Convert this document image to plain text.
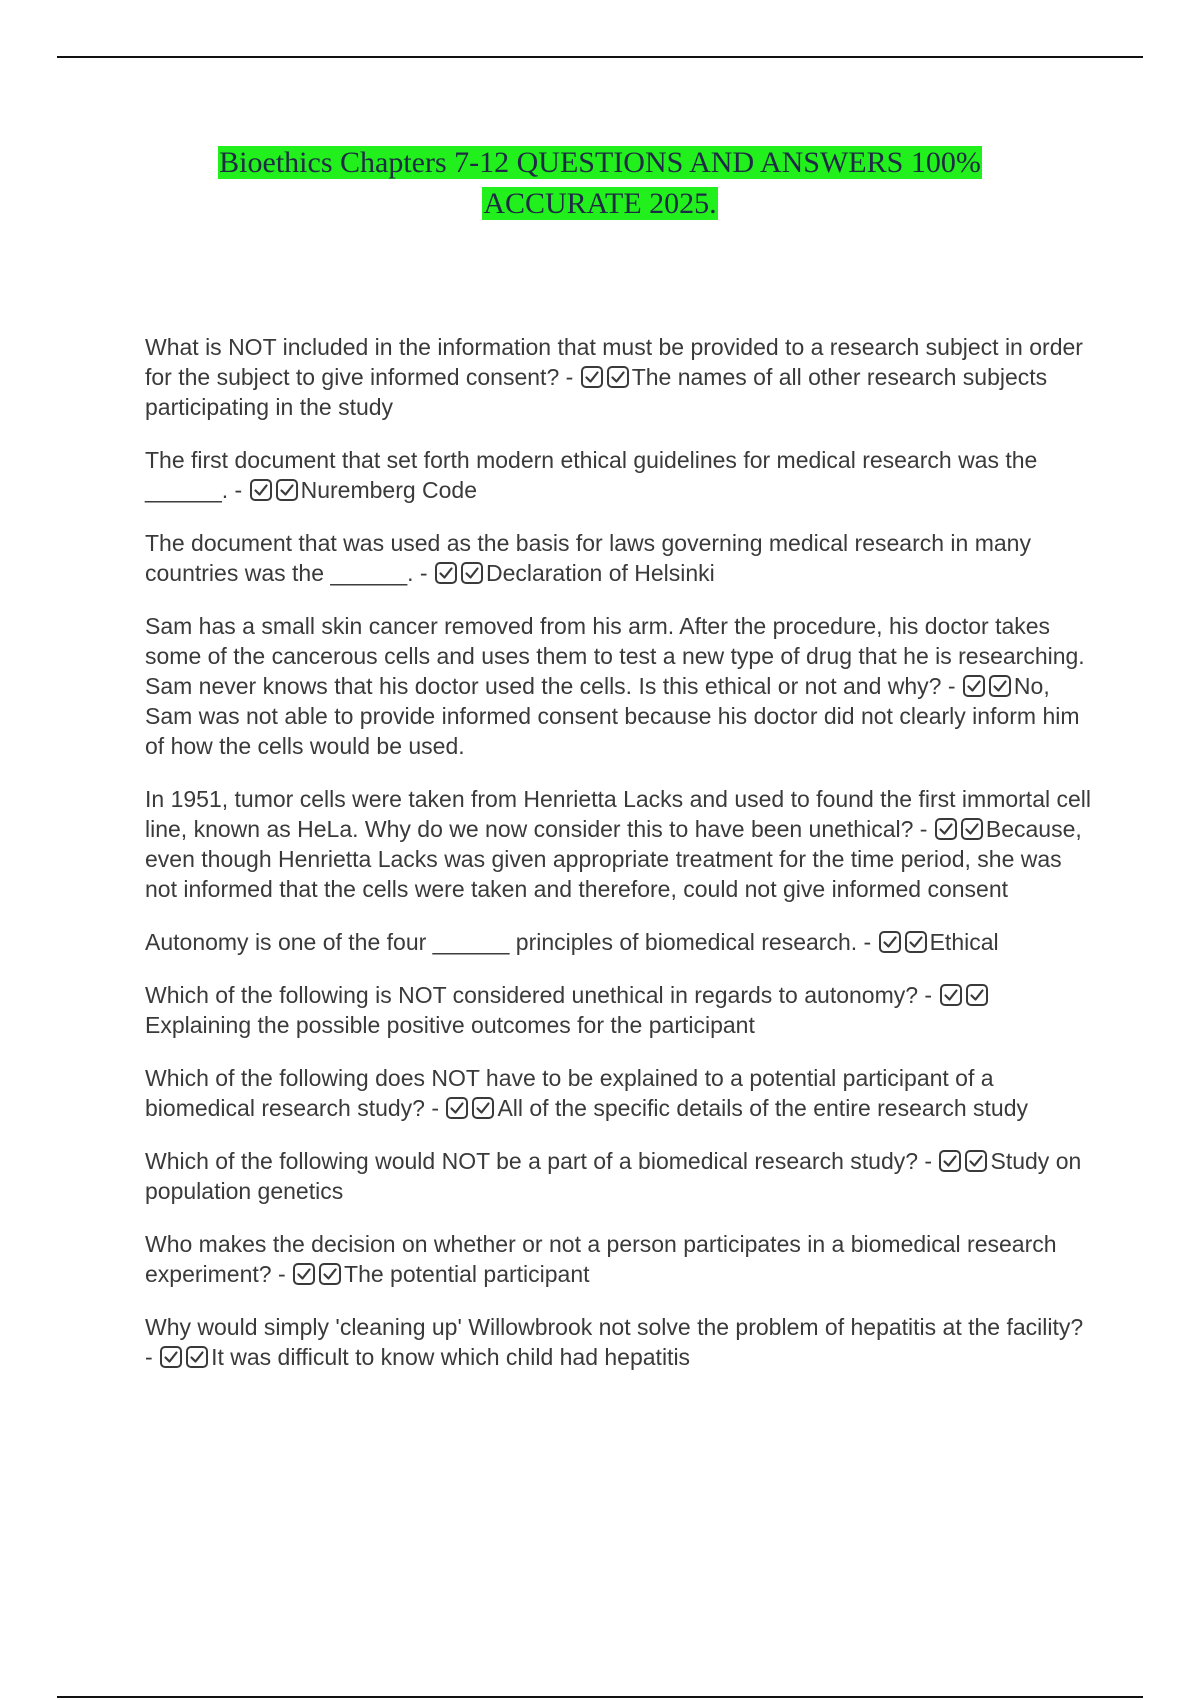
Bioethics Chapters 7-12 QUESTIONS AND ANSWERS 100%
ACCURATE 2025.

What is NOT included in the information that must be provided to a research subject in order for the subject to give informed consent? -
The names of all other research subjects participating in the study

The first document that set forth modern ethical guidelines for medical research was the ______. -
Nuremberg Code

The document that was used as the basis for laws governing medical research in many countries was the ______. -
Declaration of Helsinki

Sam has a small skin cancer removed from his arm. After the procedure, his doctor takes some of the cancerous cells and uses them to test a new type of drug that he is researching. Sam never knows that his doctor used the cells. Is this ethical or not and why? -
No, Sam was not able to provide informed consent because his doctor did not clearly inform him of how the cells would be used.

In 1951, tumor cells were taken from Henrietta Lacks and used to found the first immortal cell line, known as HeLa. Why do we now consider this to have been unethical? -
Because, even though Henrietta Lacks was given appropriate treatment for the time period, she was not informed that the cells were taken and therefore, could not give informed consent

Autonomy is one of the four ______ principles of biomedical research. -
Ethical

Which of the following is NOT considered unethical in regards to autonomy? -
Explaining the possible positive outcomes for the participant

Which of the following does NOT have to be explained to a potential participant of a biomedical research study? -
All of the specific details of the entire research study

Which of the following would NOT be a part of a biomedical research study? -
Study on population genetics

Who makes the decision on whether or not a person participates in a biomedical research experiment? -
The potential participant

Why would simply 'cleaning up' Willowbrook not solve the problem of hepatitis at the facility? -
It was difficult to know which child had hepatitis
